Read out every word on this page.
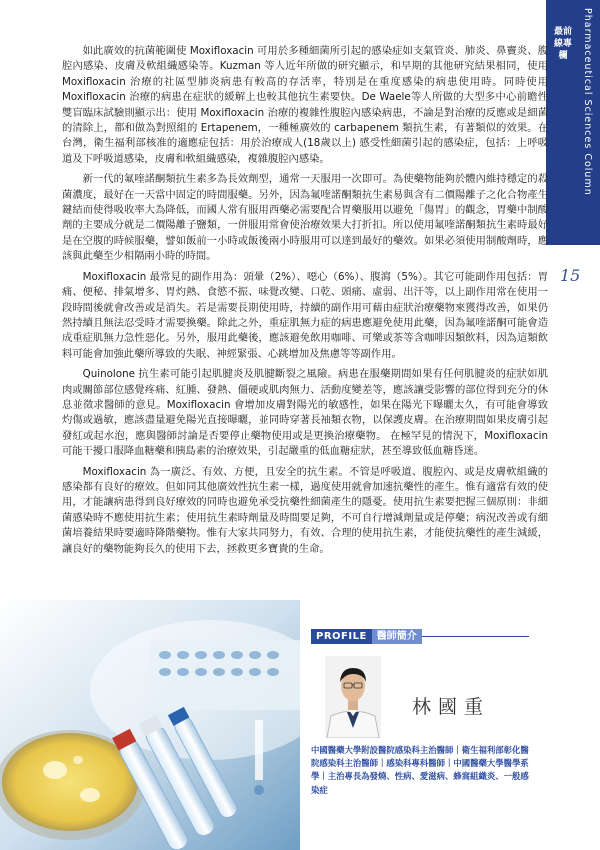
最前線專欄	Pharmaceutical Sciences Column
15

如此廣效的抗菌範圍使 Moxifloxacin 可用於多種細菌所引起的感染症如支氣管炎、肺炎、鼻竇炎、腹腔內感染、皮膚及軟組織感染等。Kuzman 等人近年所做的研究顯示，和早期的其他研究結果相同，使用 Moxifloxacin 治療的社區型肺炎病患有較高的存活率，特別是在重度感染的病患使用時。同時使用 Moxifloxacin 治療的病患在症狀的緩解上也較其他抗生素要快。De Waele等人所做的大型多中心前瞻性雙盲臨床試驗則顯示出：使用 Moxifloxacin 治療的複雜性腹腔內感染病患，不論是對治療的反應或是細菌的清除上，都和做為對照組的 Ertapenem，一種極廣效的 carbapenem 類抗生素，有著類似的效果。在台灣，衛生福利部核准的適應症包括：用於治療成人(18歲以上) 感受性細菌引起的感染症，包括：上呼吸道及下呼吸道感染，皮膚和軟組織感染，複雜腹腔內感染。

新一代的氟喹諾酮類抗生素多為長效劑型，通常一天服用一次即可。為使藥物能夠於體內維持穩定的殺菌濃度，最好在一天當中固定的時間服藥。另外，因為氟喹諾酮類抗生素易與含有二價陽離子之化合物產生鍵結而使得吸收率大為降低，而國人常有服用西藥必需要配合胃藥服用以避免「傷胃」的觀念，胃藥中制酸劑的主要成分就是二價陽離子鹽類，一併服用常會使治療效果大打折扣。所以使用氟喹諾酮類抗生素時最好是在空腹的時候服藥，譬如飯前一小時或飯後兩小時服用可以達到最好的藥效。如果必須使用制酸劑時，應該與此藥至少相隔兩小時的時間。

Moxifloxacin 最常見的副作用為：頭暈（2%）、噁心（6%）、腹瀉（5%）。其它可能副作用包括：胃痛、便秘、排氣增多、胃灼熱、食慾不振、味覺改變、口乾、頭痛、虛弱、出汗等，以上副作用常在使用一段時間後就會改善或是消失。若是需要長期使用時，持續的副作用可藉由症狀治療藥物來獲得改善，如果仍然持續且無法忍受時才需要換藥。除此之外，重症肌無力症的病患應避免使用此藥，因為氟喹諾酮可能會造成重症肌無力急性惡化。另外，服用此藥後，應該避免飲用咖啡、可樂或茶等含咖啡因類飲料，因為這類飲料可能會加強此藥所導致的失眠、神經緊張、心跳增加及焦慮等等副作用。

Quinolone 抗生素可能引起肌腱炎及肌腱斷裂之風險。病患在服藥期間如果有任何肌腱炎的症狀如肌肉或關節部位感覺疼痛、紅腫、發熱、僵硬或肌肉無力、活動度變差等，應該讓受影響的部位得到充分的休息並徵求醫師的意見。Moxifloxacin 會增加皮膚對陽光的敏感性，如果在陽光下曝曬太久，有可能會導致灼傷或過敏，應該盡量避免陽光直接曝曬，並同時穿著長袖類衣物，以保護皮膚。在治療期間如果皮膚引起發紅或起水泡，應與醫師討論是否要停止藥物使用或是更換治療藥物。 在極罕見的情況下，Moxifloxacin 可能干擾口服降血糖藥和胰島素的治療效果，引起嚴重的低血糖症狀，甚至導致低血糖昏迷。

Moxifloxacin 為一廣泛、有效、方便，且安全的抗生素。不管是呼吸道、腹腔內、或是皮膚軟組織的感染都有良好的療效。但如同其他廣效性抗生素一樣，過度使用就會加速抗藥性的產生。惟有適當有效的使用，才能讓病患得到良好療效的同時也避免承受抗藥性細菌產生的隱憂。使用抗生素要把握三個原則：非細菌感染時不應使用抗生素；使用抗生素時劑量及時間要足夠，不可自行增減劑量或是停藥；病況改善或有細菌培養結果時要適時降階藥物。惟有大家共同努力，有效、合理的使用抗生素，才能使抗藥性的產生減緩，讓良好的藥物能夠長久的使用下去，拯救更多寶貴的生命。

PROFILE	醫師簡介
林國重
中國醫藥大學附設醫院感染科主治醫師｜衛生福利部彰化醫院感染科主治醫師｜感染科專科醫師｜中國醫藥大學醫學系學｜主治專長為發燒、性病、愛滋病、蜂窩組織炎、一般感染症
